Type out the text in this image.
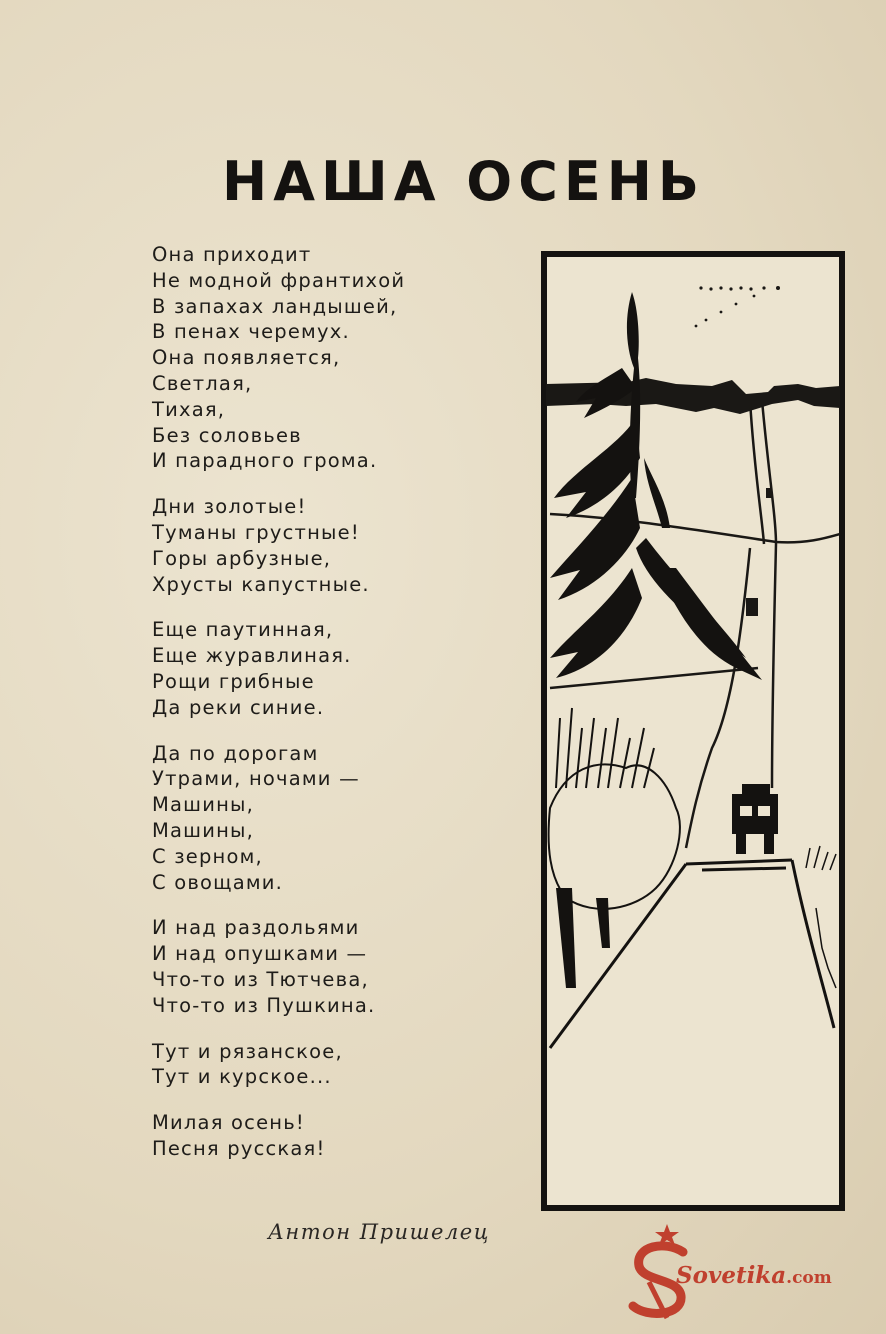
НАША ОСЕНЬ
Она приходит
Не модной франтихой
В запахах ландышей,
В пенах черемух.
Она появляется,
Светлая,
Тихая,
Без соловьев
И парадного грома.
Дни золотые!
Туманы грустные!
Горы арбузные,
Хрусты капустные.
Еще паутинная,
Еще журавлиная.
Рощи грибные
Да реки синие.
Да по дорогам
Утрами, ночами —
Машины,
Машины,
С зерном,
С овощами.
И над раздольями
И над опушками —
Что-то из Тютчева,
Что-то из Пушкина.
Тут и рязанское,
Тут и курское...
Милая осень!
Песня русская!
Антон Пришелец
Sovetika.com
